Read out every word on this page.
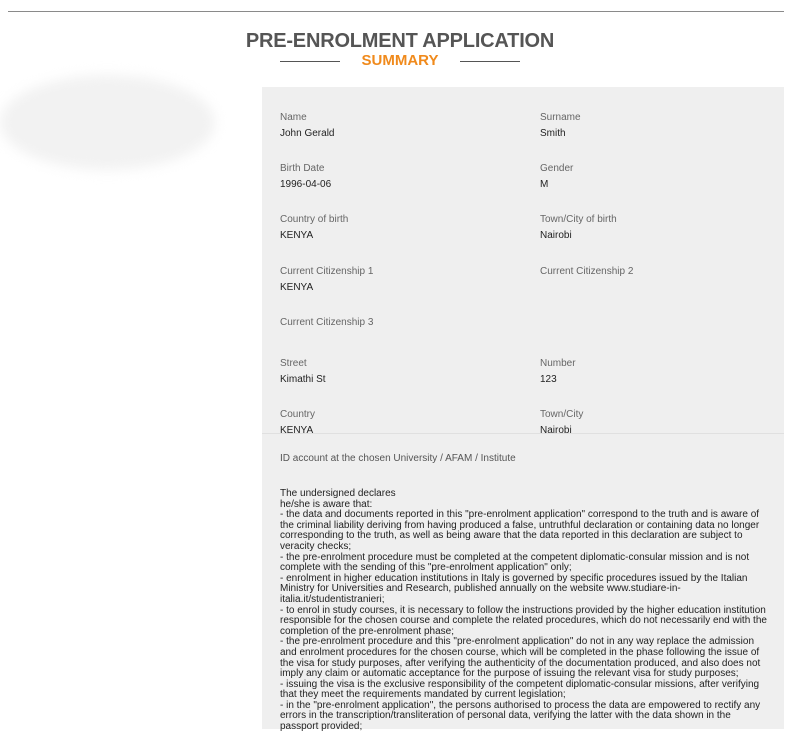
PRE-ENROLMENT APPLICATION
SUMMARY
Name
John Gerald
Surname
Smith
Birth Date
1996-04-06
Gender
M
Country of birth
KENYA
Town/City of birth
Nairobi
Current Citizenship 1
KENYA
Current Citizenship 2
Current Citizenship 3
Street
Kimathi St
Number
123
Country
KENYA
Town/City
Nairobi
ID account at the chosen University / AFAM / Institute
The undersigned declares
he/she is aware that:
- the data and documents reported in this "pre-enrolment application" correspond to the truth and is aware of the criminal liability deriving from having produced a false, untruthful declaration or containing data no longer corresponding to the truth, as well as being aware that the data reported in this declaration are subject to veracity checks;
- the pre-enrolment procedure must be completed at the competent diplomatic-consular mission and is not complete with the sending of this "pre-enrolment application" only;
- enrolment in higher education institutions in Italy is governed by specific procedures issued by the Italian Ministry for Universities and Research, published annually on the website www.studiare-in-italia.it/studentistranieri;
- to enrol in study courses, it is necessary to follow the instructions provided by the higher education institution responsible for the chosen course and complete the related procedures, which do not necessarily end with the completion of the pre-enrolment phase;
- the pre-enrolment procedure and this "pre-enrolment application" do not in any way replace the admission and enrolment procedures for the chosen course, which will be completed in the phase following the issue of the visa for study purposes, after verifying the authenticity of the documentation produced, and also does not imply any claim or automatic acceptance for the purpose of issuing the relevant visa for study purposes;
- issuing the visa is the exclusive responsibility of the competent diplomatic-consular missions, after verifying that they meet the requirements mandated by current legislation;
- in the "pre-enrolment application", the persons authorised to process the data are empowered to rectify any errors in the transcription/transliteration of personal data, verifying the latter with the data shown in the passport provided;
